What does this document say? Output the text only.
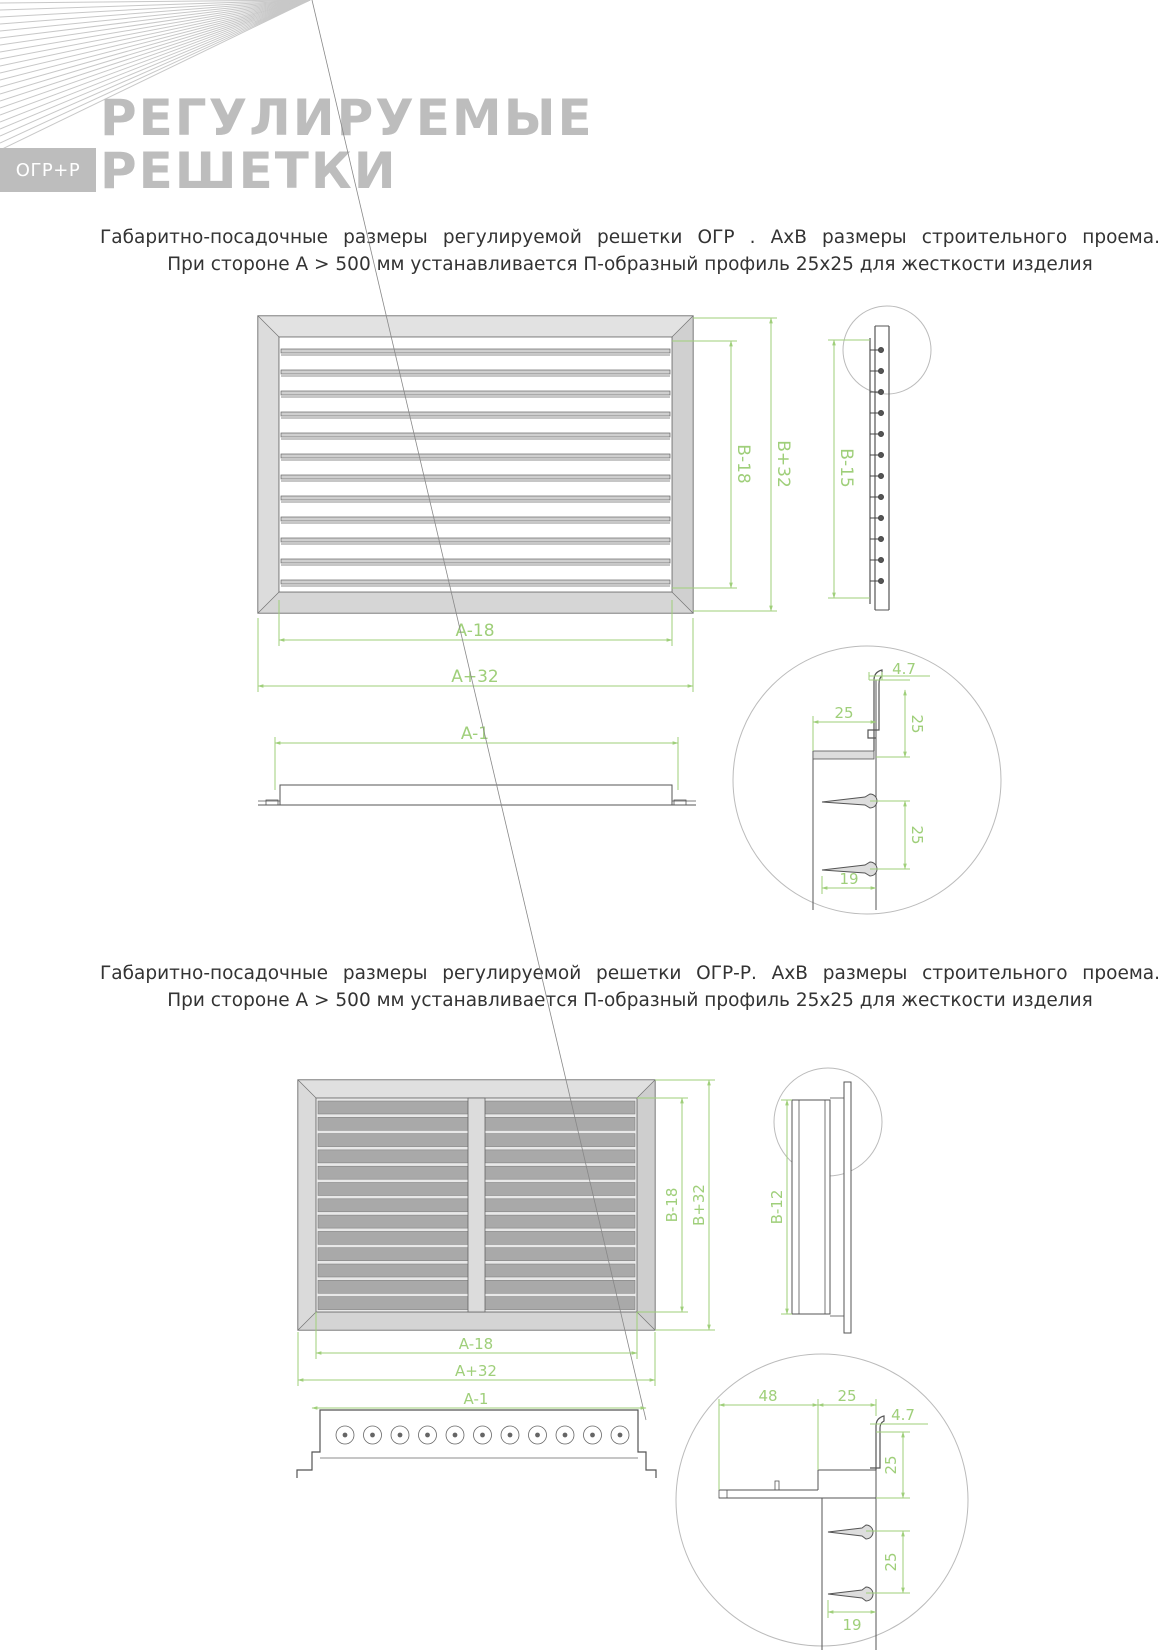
ОГР+Р
РЕГУЛИРУЕМЫЕ
РЕШЕТКИ
Габаритно-посадочные размеры регулируемой решетки ОГР . АхВ размеры строительного проема.
При стороне А > 500 мм устанавливается П-образный профиль 25х25 для жесткости изделия
Габаритно-посадочные размеры регулируемой решетки ОГР-Р. АхВ размеры строительного проема.
При стороне А > 500 мм устанавливается П-образный профиль 25х25 для жесткости изделия
A-18
A+32
A-1
B-18 B+32	B-15
4.7
25
25
25
19
A-18
A+32
A-1
B-18 B+32	B-12
48	25
4.7
25
25
19
